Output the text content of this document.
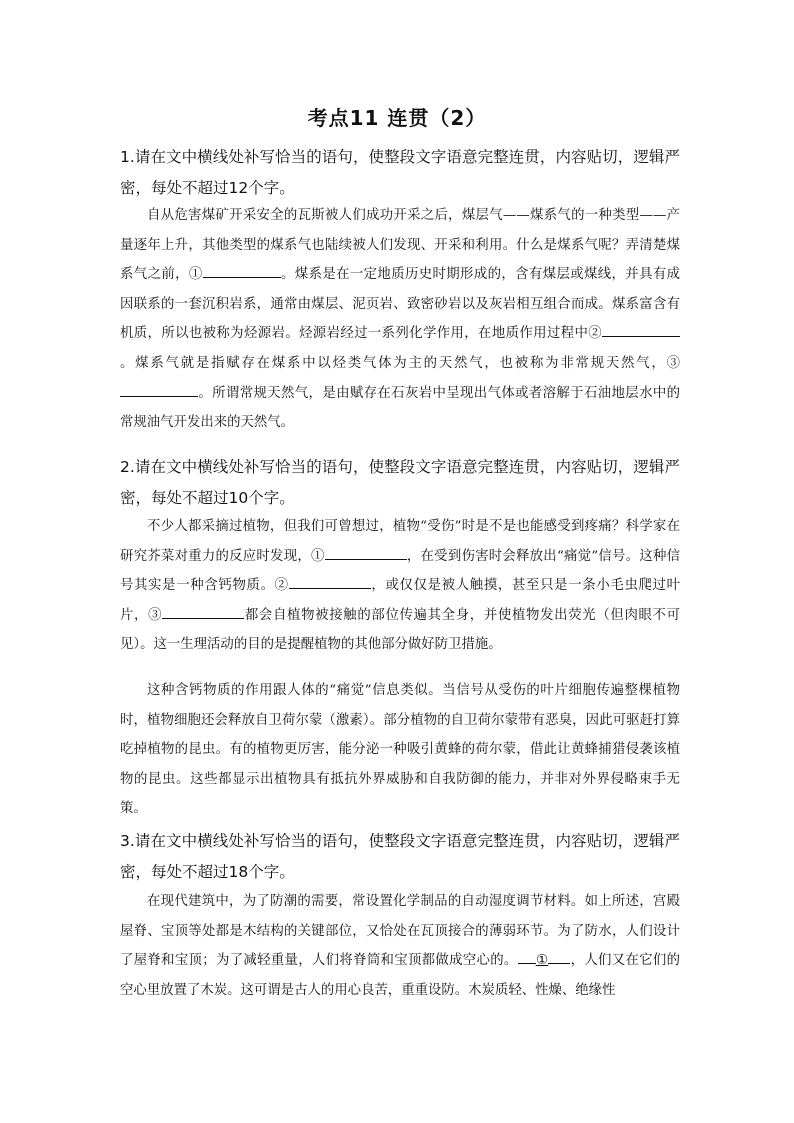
考点11 连贯（2）
1.请在文中横线处补写恰当的语句，使整段文字语意完整连贯，内容贴切，逻辑严密，每处不超过12个字。
自从危害煤矿开采安全的瓦斯被人们成功开采之后，煤层气——煤系气的一种类型——产量逐年上升，其他类型的煤系气也陆续被人们发现、开采和利用。什么是煤系气呢？弄清楚煤系气之前，①	。煤系是在一定地质历史时期形成的，含有煤层或煤线，并具有成因联系的一套沉积岩系，通常由煤层、泥页岩、致密砂岩以及灰岩相互组合而成。煤系富含有机质，所以也被称为烃源岩。烃源岩经过一系列化学作用，在地质作用过程中②。煤系气就是指赋存在煤系中以烃类气体为主的天然气，也被称为非常规天然气，③。所谓常规天然气，是由赋存在石灰岩中呈现出气体或者溶解于石油地层水中的常规油气开发出来的天然气。
2.请在文中横线处补写恰当的语句，使整段文字语意完整连贯，内容贴切，逻辑严密，每处不超过10个字。
不少人都采摘过植物，但我们可曾想过，植物“受伤”时是不是也能感受到疼痛？科学家在研究芥菜对重力的反应时发现，①	，在受到伤害时会释放出“痛觉”信号。这种信号其实是一种含钙物质。②	，或仅仅是被人触摸，甚至只是一条小毛虫爬过叶片，③	都会自植物被接触的部位传遍其全身，并使植物发出荧光（但肉眼不可见）。这一生理活动的目的是提醒植物的其他部分做好防卫措施。
这种含钙物质的作用跟人体的“痛觉”信息类似。当信号从受伤的叶片细胞传遍整棵植物时，植物细胞还会释放自卫荷尔蒙（激素）。部分植物的自卫荷尔蒙带有恶臭，因此可驱赶打算吃掉植物的昆虫。有的植物更厉害，能分泌一种吸引黄蜂的荷尔蒙，借此让黄蜂捕猎侵袭该植物的昆虫。这些都显示出植物具有抵抗外界威胁和自我防御的能力，并非对外界侵略束手无策。
3.请在文中横线处补写恰当的语句，使整段文字语意完整连贯，内容贴切，逻辑严密，每处不超过18个字。
在现代建筑中，为了防潮的需要，常设置化学制品的自动湿度调节材料。如上所述，宫殿屋脊、宝顶等处都是木结构的关键部位，又恰处在瓦顶接合的薄弱环节。为了防水，人们设计了屋脊和宝顶；为了减轻重量，人们将脊筒和宝顶都做成空心的。 ① ，人们又在它们的空心里放置了木炭。这可谓是古人的用心良苦，重重设防。木炭质轻、性燥、绝缘性
